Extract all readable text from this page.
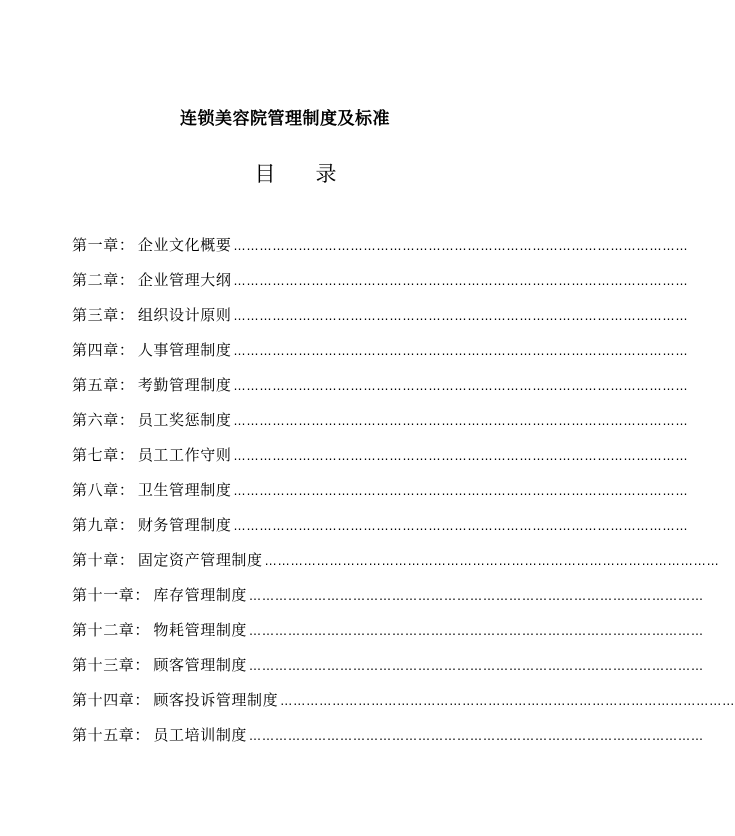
连锁美容院管理制度及标准
目      录
第一章 ： 企业文化概要 ……………………………………………………………………………………………
第二章 ： 企业管理大纲 ……………………………………………………………………………………………
第三章 ： 组织设计原则 ……………………………………………………………………………………………
第四章 ： 人事管理制度 ……………………………………………………………………………………………
第五章 ： 考勤管理制度 ……………………………………………………………………………………………
第六章 ： 员工奖惩制度 ……………………………………………………………………………………………
第七章 ： 员工工作守则 ……………………………………………………………………………………………
第八章 ： 卫生管理制度 ……………………………………………………………………………………………
第九章 ： 财务管理制度 ……………………………………………………………………………………………
第十章 ： 固定资产管理制度 ……………………………………………………………………………………………
第十一章 ： 库存管理制度 ……………………………………………………………………………………………
第十二章 ： 物耗管理制度 ……………………………………………………………………………………………
第十三章 ： 顾客管理制度 ……………………………………………………………………………………………
第十四章 ： 顾客投诉管理制度 ……………………………………………………………………………………………
第十五章 ： 员工培训制度 ……………………………………………………………………………………………
